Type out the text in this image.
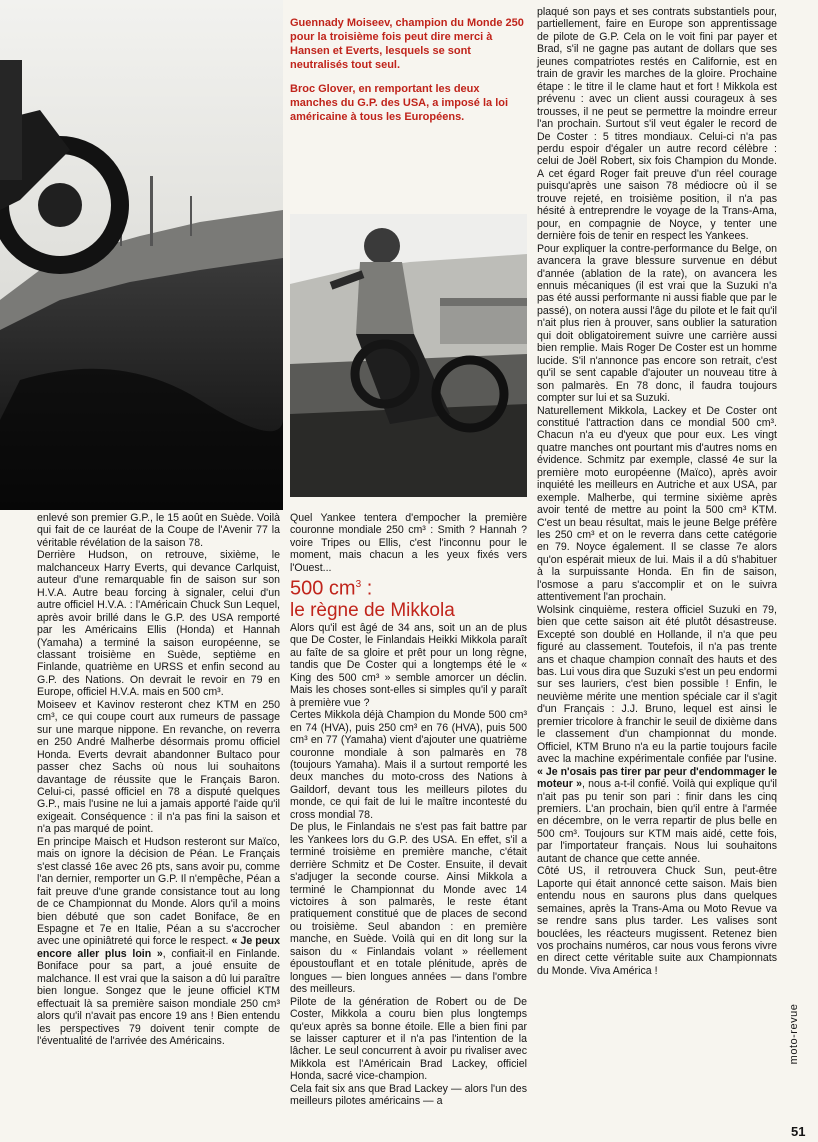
Guennady Moiseev, champion du Monde 250 pour la troisième fois peut dire merci à Hansen et Everts, lesquels se sont neutralisés tout seul.

Broc Glover, en remportant les deux manches du G.P. des USA, a imposé la loi américaine à tous les Européens.

enlevé son premier G.P., le 15 août en Suède. Voilà qui fait de ce lauréat de la Coupe de l'Avenir 77 la véritable révélation de la saison 78.

Derrière Hudson, on retrouve, sixième, le malchanceux Harry Everts, qui devance Carlquist, auteur d'une remarquable fin de saison sur son H.V.A. Autre beau forcing à signaler, celui d'un autre officiel H.V.A. : l'Américain Chuck Sun Lequel, après avoir brillé dans le G.P. des USA remporté par les Américains Ellis (Honda) et Hannah (Yamaha) a terminé la saison européenne, se classant troisième en Suède, septième en Finlande, quatrième en URSS et enfin second au G.P. des Nations. On devrait le revoir en 79 en Europe, officiel H.V.A. mais en 500 cm³.

Moiseev et Kavinov resteront chez KTM en 250 cm³, ce qui coupe court aux rumeurs de passage sur une marque nippone. En revanche, on reverra en 250 André Malherbe désormais promu officiel Honda. Everts devrait abandonner Bultaco pour passer chez Sachs où nous lui souhaitons davantage de réussite que le Français Baron. Celui-ci, passé officiel en 78 a disputé quelques G.P., mais l'usine ne lui a jamais apporté l'aide qu'il exigeait. Conséquence : il n'a pas fini la saison et n'a pas marqué de point.

En principe Maisch et Hudson resteront sur Maïco, mais on ignore la décision de Péan. Le Français s'est classé 16e avec 26 pts, sans avoir pu, comme l'an dernier, remporter un G.P. Il n'empêche, Péan a fait preuve d'une grande consistance tout au long de ce Championnat du Monde. Alors qu'il a moins bien débuté que son cadet Boniface, 8e en Espagne et 7e en Italie, Péan a su s'accrocher avec une opiniâtreté qui force le respect. « Je peux encore aller plus loin », confiait-il en Finlande. Boniface pour sa part, a joué ensuite de malchance. Il est vrai que la saison a dû lui paraître bien longue. Songez que le jeune officiel KTM effectuait là sa première saison mondiale 250 cm³ alors qu'il n'avait pas encore 19 ans ! Bien entendu les perspectives 79 doivent tenir compte de l'éventualité de l'arrivée des Américains.

Quel Yankee tentera d'empocher la première couronne mondiale 250 cm³ : Smith ? Hannah ? voire Tripes ou Ellis, c'est l'inconnu pour le moment, mais chacun a les yeux fixés vers l'Ouest...

500 $cm^3$ :

le règne de Mikkola

Alors qu'il est âgé de 34 ans, soit un an de plus que De Coster, le Finlandais Heikki Mikkola paraît au faîte de sa gloire et prêt pour un long règne, tandis que De Coster qui a longtemps été le « King des 500 cm³ » semble amorcer un déclin. Mais les choses sont-elles si simples qu'il y paraît à première vue ?

Certes Mikkola déjà Champion du Monde 500 cm³ en 74 (HVA), puis 250 cm³ en 76 (HVA), puis 500 cm³ en 77 (Yamaha) vient d'ajouter une quatrième couronne mondiale à son palmarès en 78 (toujours Yamaha). Mais il a surtout remporté les deux manches du moto-cross des Nations à Gaildorf, devant tous les meilleurs pilotes du monde, ce qui fait de lui le maître incontesté du cross mondial 78.

De plus, le Finlandais ne s'est pas fait battre par les Yankees lors du G.P. des USA. En effet, s'il a terminé troisième en première manche, c'était derrière Schmitz et De Coster. Ensuite, il devait s'adjuger la seconde course. Ainsi Mikkola a terminé le Championnat du Monde avec 14 victoires à son palmarès, le reste étant pratiquement constitué que de places de second ou troisième. Seul abandon : en première manche, en Suède. Voilà qui en dit long sur la saison du « Finlandais volant » réellement époustouflant et en totale plénitude, après de longues — bien longues années — dans l'ombre des meilleurs.

Pilote de la génération de Robert ou de De Coster, Mikkola a couru bien plus longtemps qu'eux après sa bonne étoile. Elle a bien fini par se laisser capturer et il n'a pas l'intention de la lâcher. Le seul concurrent à avoir pu rivaliser avec Mikkola est l'Américain Brad Lackey, officiel Honda, sacré vice-champion.

Cela fait six ans que Brad Lackey — alors l'un des meilleurs pilotes américains — a

plaqué son pays et ses contrats substantiels pour, partiellement, faire en Europe son apprentissage de pilote de G.P. Cela on le voit fini par payer et Brad, s'il ne gagne pas autant de dollars que ses jeunes compatriotes restés en Californie, est en train de gravir les marches de la gloire. Prochaine étape : le titre il le clame haut et fort ! Mikkola est prévenu : avec un client aussi courageux à ses trousses, il ne peut se permettre la moindre erreur l'an prochain. Surtout s'il veut égaler le record de De Coster : 5 titres mondiaux. Celui-ci n'a pas perdu espoir d'égaler un autre record célèbre : celui de Joël Robert, six fois Champion du Monde. A cet égard Roger fait preuve d'un réel courage puisqu'après une saison 78 médiocre où il se trouve rejeté, en troisième position, il n'a pas hésité à entreprendre le voyage de la Trans-Ama, pour, en compagnie de Noyce, y tenter une dernière fois de tenir en respect les Yankees.

Pour expliquer la contre-performance du Belge, on avancera la grave blessure survenue en début d'année (ablation de la rate), on avancera les ennuis mécaniques (il est vrai que la Suzuki n'a pas été aussi performante ni aussi fiable que par le passé), on notera aussi l'âge du pilote et le fait qu'il n'ait plus rien à prouver, sans oublier la saturation qui doit obligatoirement suivre une carrière aussi bien remplie. Mais Roger De Coster est un homme lucide. S'il n'annonce pas encore son retrait, c'est qu'il se sent capable d'ajouter un nouveau titre à son palmarès. En 78 donc, il faudra toujours compter sur lui et sa Suzuki.

Naturellement Mikkola, Lackey et De Coster ont constitué l'attraction dans ce mondial 500 cm³. Chacun n'a eu d'yeux que pour eux. Les vingt quatre manches ont pourtant mis d'autres noms en évidence. Schmitz par exemple, classé 4e sur la première moto européenne (Maïco), après avoir inquiété les meilleurs en Autriche et aux USA, par exemple. Malherbe, qui termine sixième après avoir tenté de mettre au point la 500 cm³ KTM. C'est un beau résultat, mais le jeune Belge préfère les 250 cm³ et on le reverra dans cette catégorie en 79. Noyce également. Il se classe 7e alors qu'on espérait mieux de lui. Mais il a dû s'habituer à la surpuissante Honda. En fin de saison, l'osmose a paru s'accomplir et on le suivra attentivement l'an prochain.

Wolsink cinquième, restera officiel Suzuki en 79, bien que cette saison ait été plutôt désastreuse. Excepté son doublé en Hollande, il n'a que peu figuré au classement. Toutefois, il n'a pas trente ans et chaque champion connaît des hauts et des bas. Lui vous dira que Suzuki s'est un peu endormi sur ses lauriers, c'est bien possible ! Enfin, le neuvième mérite une mention spéciale car il s'agit d'un Français : J.J. Bruno, lequel est ainsi le premier tricolore à franchir le seuil de dixième dans le classement d'un championnat du monde. Officiel, KTM Bruno n'a eu la partie toujours facile avec la machine expérimentale confiée par l'usine. « Je n'osais pas tirer par peur d'endommager le moteur », nous a-t-il confié. Voilà qui explique qu'il n'ait pas pu tenir son pari : finir dans les cinq premiers. L'an prochain, bien qu'il entre à l'armée en décembre, on le verra repartir de plus belle en 500 cm³. Toujours sur KTM mais aidé, cette fois, par l'importateur français. Nous lui souhaitons autant de chance que cette année.

Côté US, il retrouvera Chuck Sun, peut-être Laporte qui était annoncé cette saison. Mais bien entendu nous en saurons plus dans quelques semaines, après la Trans-Ama ou Moto Revue va se rendre sans plus tarder. Les valises sont bouclées, les réacteurs mugissent. Retenez bien vos prochains numéros, car nous vous ferons vivre en direct cette véritable suite aux Championnats du Monde. Viva América !

moto-revue
51
